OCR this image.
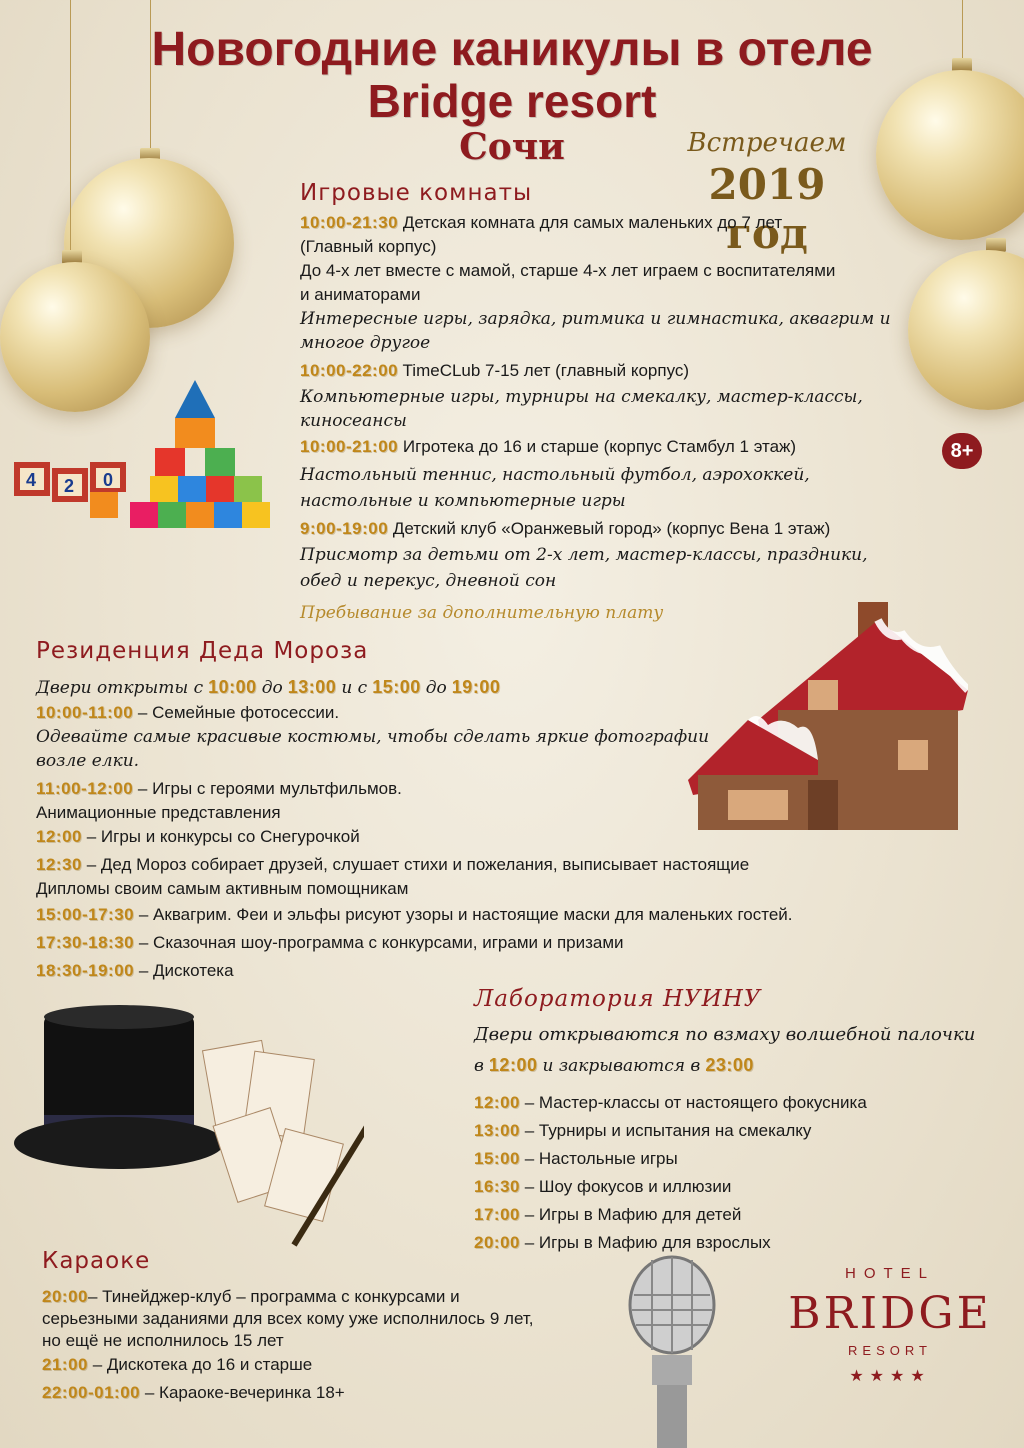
4 2 0
Новогодние каникулы в отеле
Bridge resort
Сочи	Встречаем
2019 год
Игровые комнаты
10:00-21:30 Детская комната для самых маленьких до 7 лет
(Главный корпус)
До 4-х лет вместе с мамой, старше 4-х лет играем с воспитателями
и аниматорами
Интересные игры, зарядка, ритмика и гимнастика, аквагрим и
многое другое
10:00-22:00 TimeCLub 7-15 лет (главный корпус)
Компьютерные игры, турниры на смекалку, мастер-классы,
киносеансы
10:00-21:00 Игротека до 16 и старше (корпус Стамбул 1 этаж)	8+
Настольный теннис, настольный футбол, аэрохоккей,
настольные и компьютерные игры
9:00-19:00 Детский клуб «Оранжевый город» (корпус Вена 1 этаж)
Присмотр за детьми от 2-х лет, мастер-классы, праздники,
обед и перекус, дневной сон
Пребывание за дополнительную плату
Резиденция Деда Мороза
Двери открыты с 10:00 до 13:00 и с 15:00 до 19:00
10:00-11:00 – Семейные фотосессии.
Одевайте самые красивые костюмы, чтобы сделать яркие фотографии
возле елки.
11:00-12:00 – Игры с героями мультфильмов.
Анимационные представления
12:00 – Игры и конкурсы со Снегурочкой
12:30 – Дед Мороз собирает друзей, слушает стихи и пожелания, выписывает настоящие
Дипломы своим самым активным помощникам
15:00-17:30 – Аквагрим. Феи и эльфы рисуют узоры и настоящие маски для маленьких гостей.
17:30-18:30 – Сказочная шоу-программа с конкурсами, играми и призами
18:30-19:00 – Дискотека
Лаборатория НУИНУ
Двери открываются по взмаху волшебной палочки
в 12:00 и закрываются в 23:00
12:00 – Мастер-классы от настоящего фокусника
13:00 – Турниры и испытания на смекалку
15:00 – Настольные игры
16:30 – Шоу фокусов и иллюзии
17:00 – Игры в Мафию для детей
20:00 – Игры в Мафию для взрослых
Караоке
20:00– Тинейджер-клуб – программа с конкурсами и
серьезными заданиями для всех кому уже исполнилось 9 лет,
но ещё не исполнилось 15 лет
21:00 – Дискотека до 16 и старше
22:00-01:00 – Караоке-вечеринка 18+
HOTEL
BRIDGE
RESORT
★★★★
